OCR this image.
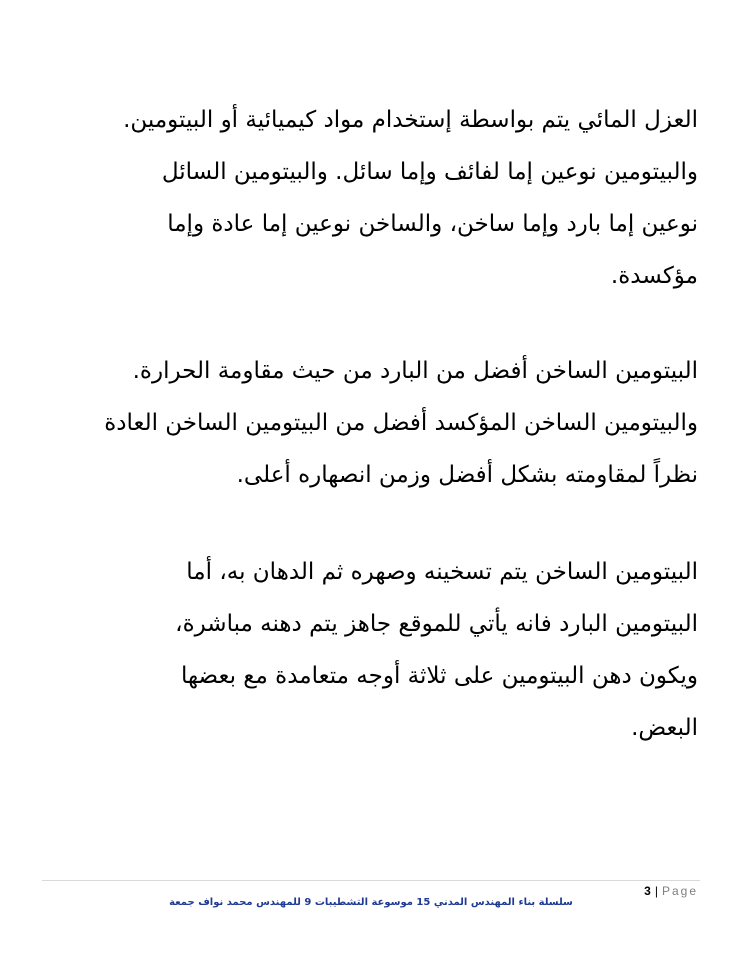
العزل المائي يتم بواسطة إستخدام مواد كيميائية أو البيتومين.
والبيتومين نوعين إما لفائف وإما سائل. والبيتومين السائل
نوعين إما بارد وإما ساخن، والساخن نوعين إما عادة وإما
مؤكسدة.

البيتومين الساخن أفضل من البارد من حيث مقاومة الحرارة.
والبيتومين الساخن المؤكسد أفضل من البيتومين الساخن العادة
نظراً لمقاومته بشكل أفضل وزمن انصهاره أعلى.

البيتومين الساخن يتم تسخينه وصهره ثم الدهان به، أما
البيتومين البارد فانه يأتي للموقع جاهز يتم دهنه مباشرة،
ويكون دهن البيتومين على ثلاثة أوجه متعامدة مع بعضها
البعض.

3 | Page
سلسلة بناء المهندس المدني 15 موسوعة التشطيبات 9 للمهندس محمد نواف جمعة
